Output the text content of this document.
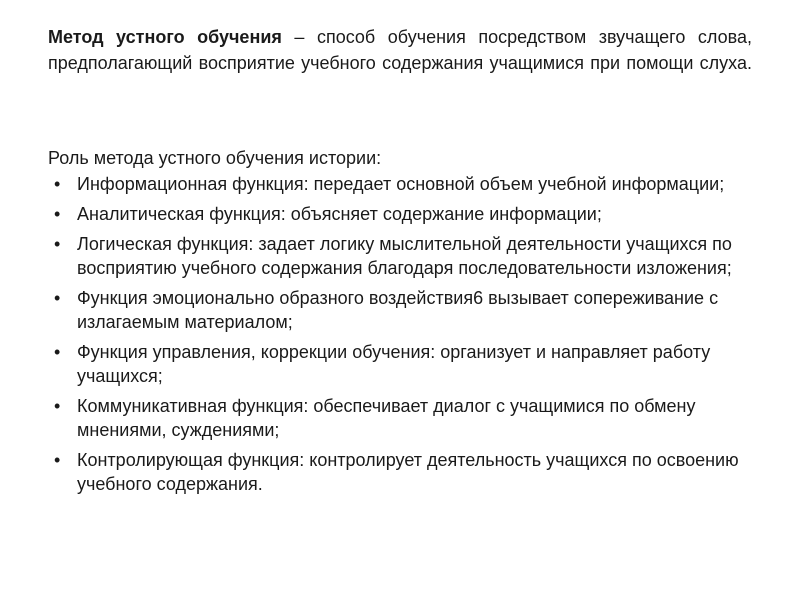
Метод устного обучения – способ обучения посредством звучащего слова, предполагающий восприятие учебного содержания учащимися при помощи слуха.

Роль метода устного обучения истории:
• Информационная функция: передает основной объем учебной информации;
• Аналитическая функция: объясняет содержание информации;
• Логическая функция: задает логику мыслительной деятельности учащихся по восприятию учебного содержания благодаря последовательности изложения;
• Функция эмоционально образного воздействия6 вызывает сопереживание с излагаемым материалом;
• Функция управления, коррекции обучения: организует и направляет работу учащихся;
• Коммуникативная функция: обеспечивает диалог с учащимися по обмену мнениями, суждениями;
• Контролирующая функция: контролирует деятельность учащихся по освоению учебного содержания.
